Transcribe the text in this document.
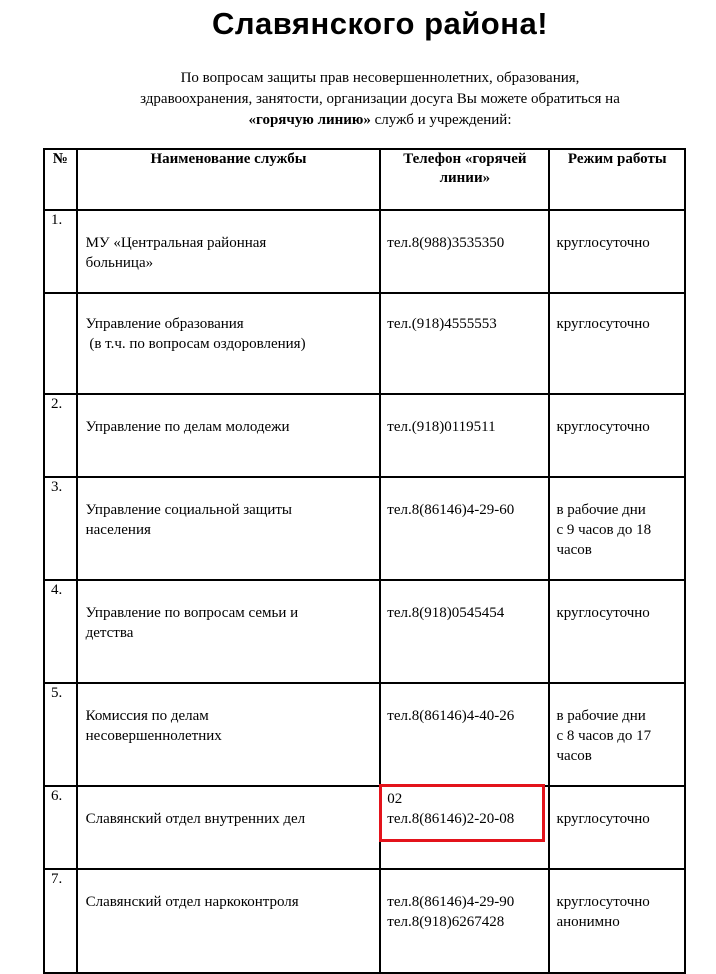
Славянского района!
По вопросам защиты прав несовершеннолетних, образования,
здравоохранения, занятости, организации досуга Вы можете обратиться на
«горячую линию» служб и учреждений:
№	Наименование службы	Телефон «горячей линии»	Режим работы
1.	МУ «Центральная районная
больница»	тел.8(988)3535350	круглосуточно

	Управление образования
(в т.ч. по вопросам оздоровления)	тел.(918)4555553	круглосуточно

2.	Управление по делам молодежи	тел.(918)0119511	круглосуточно

3.	Управление социальной защиты
населения	тел.8(86146)4-29-60	в рабочие дни
с 9 часов до 18
часов

4.	Управление по вопросам семьи и
детства	тел.8(918)0545454	круглосуточно

5.	Комиссия по делам
несовершеннолетних	тел.8(86146)4-40-26	в рабочие дни
с 8 часов до 17
часов

6.	Славянский отдел внутренних дел	02
тел.8(86146)2-20-08	круглосуточно

7.	Славянский отдел наркоконтроля	тел.8(86146)4-29-90
тел.8(918)6267428	круглосуточно
анонимно
